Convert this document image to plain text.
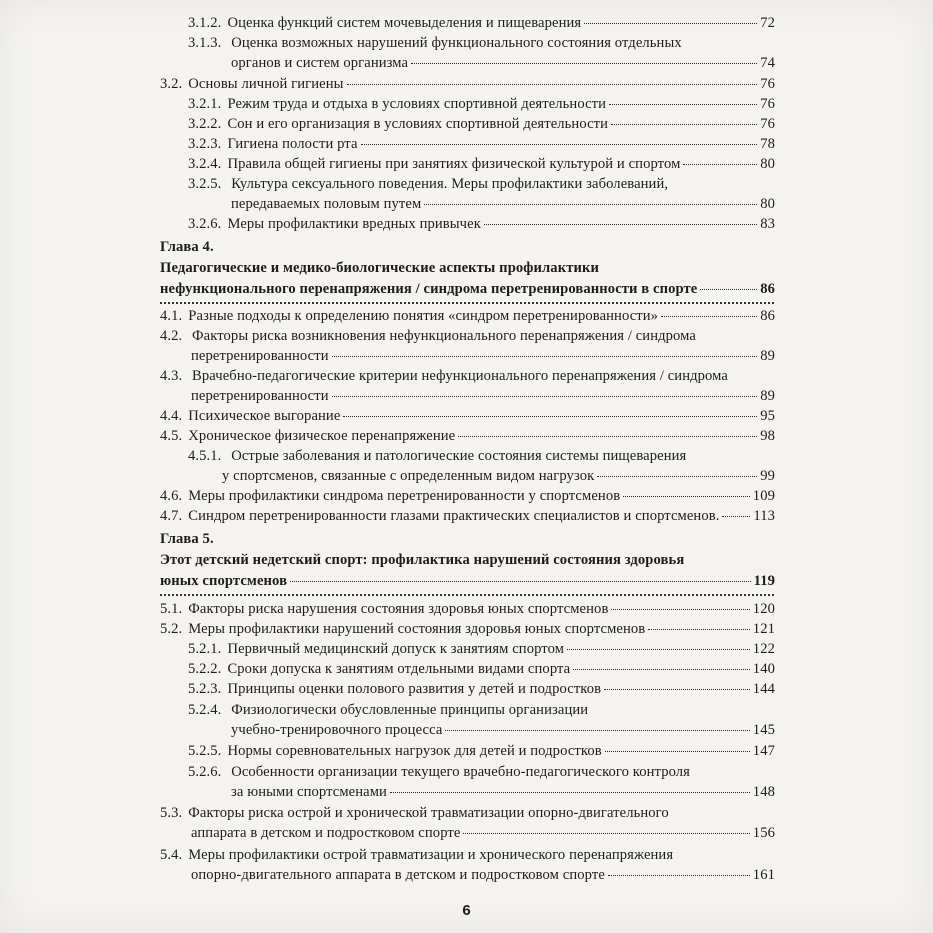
3.1.2. Оценка функций систем мочевыделения и пищеварения	72
3.1.3. Оценка возможных нарушений функционального состояния отдельных
органов и систем организма	74
3.2. Основы личной гигиены	76
3.2.1. Режим труда и отдыха в условиях спортивной деятельности	76
3.2.2. Сон и его организация в условиях спортивной деятельности	76
3.2.3. Гигиена полости рта	78
3.2.4. Правила общей гигиены при занятиях физической культурой и спортом	80
3.2.5. Культура сексуального поведения. Меры профилактики заболеваний,
передаваемых половым путем	80
3.2.6. Меры профилактики вредных привычек	83
Глава 4.
Педагогические и медико-биологические аспекты профилактики
нефункционального перенапряжения / синдрома перетренированности в спорте	86
4.1. Разные подходы к определению понятия «синдром перетренированности»	86
4.2. Факторы риска возникновения нефункционального перенапряжения / синдрома
перетренированности	89
4.3. Врачебно-педагогические критерии нефункционального перенапряжения / синдрома
перетренированности	89
4.4. Психическое выгорание	95
4.5. Хроническое физическое перенапряжение	98
4.5.1. Острые заболевания и патологические состояния системы пищеварения
у спортсменов, связанные с определенным видом нагрузок	99
4.6. Меры профилактики синдрома перетренированности у спортсменов	109
4.7. Синдром перетренированности глазами практических специалистов и спортсменов. 113
Глава 5.
Этот детский недетский спорт: профилактика нарушений состояния здоровья
юных спортсменов	119
5.1. Факторы риска нарушения состояния здоровья юных спортсменов	120
5.2. Меры профилактики нарушений состояния здоровья юных спортсменов	121
5.2.1. Первичный медицинский допуск к занятиям спортом	122
5.2.2. Сроки допуска к занятиям отдельными видами спорта	140
5.2.3. Принципы оценки полового развития у детей и подростков	144
5.2.4. Физиологически обусловленные принципы организации
учебно-тренировочного процесса	145
5.2.5. Нормы соревновательных нагрузок для детей и подростков	147
5.2.6. Особенности организации текущего врачебно-педагогического контроля
за юными спортсменами	148
5.3. Факторы риска острой и хронической травматизации опорно-двигательного
аппарата в детском и подростковом спорте	156
5.4. Меры профилактики острой травматизации и хронического перенапряжения
опорно-двигательного аппарата в детском и подростковом спорте	161
6
